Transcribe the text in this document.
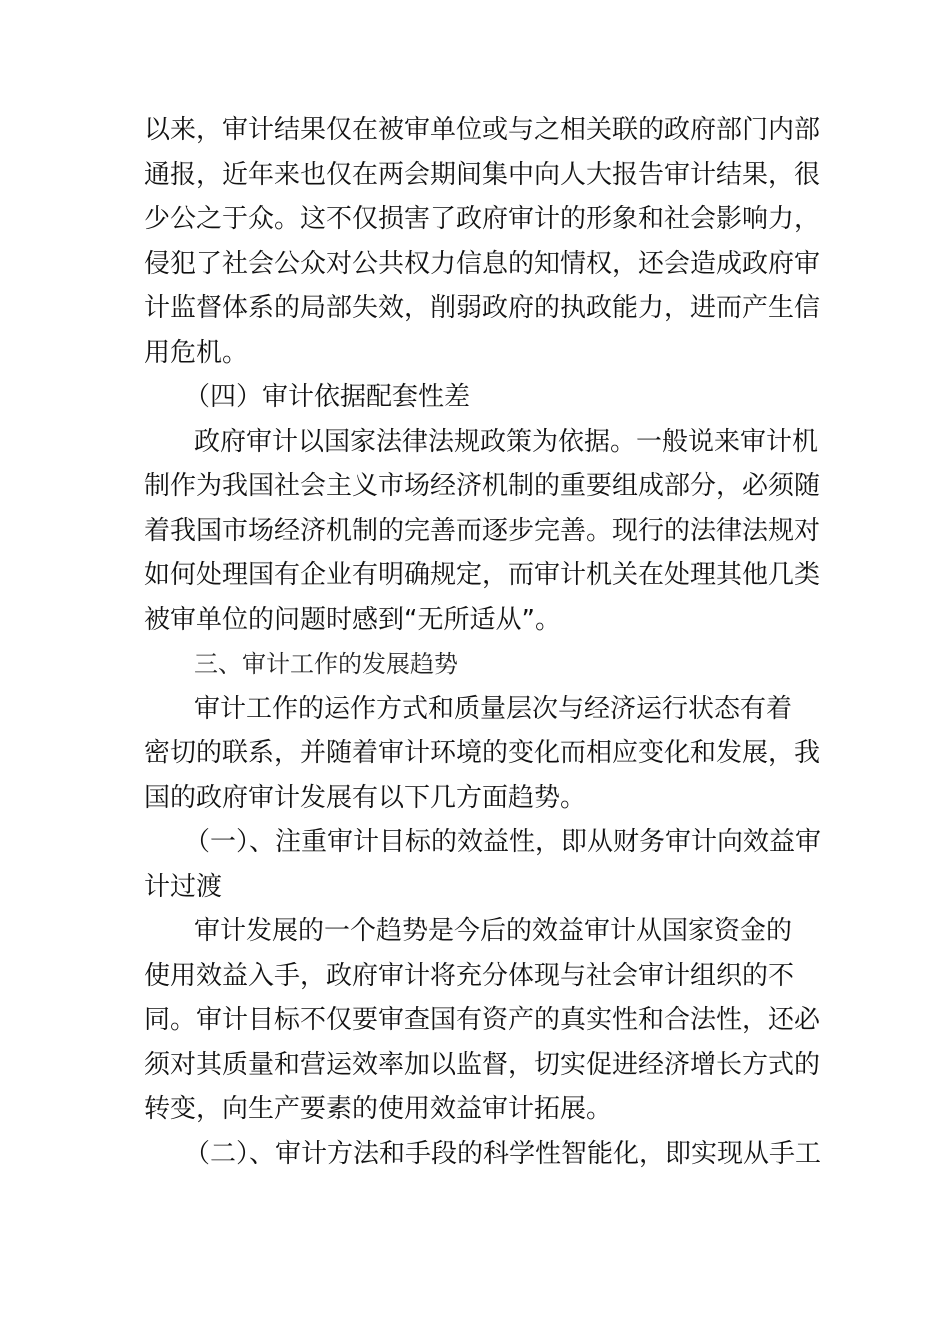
以来，审计结果仅在被审单位或与之相关联的政府部门内部
通报，近年来也仅在两会期间集中向人大报告审计结果，很
少公之于众。这不仅损害了政府审计的形象和社会影响力，
侵犯了社会公众对公共权力信息的知情权，还会造成政府审
计监督体系的局部失效，削弱政府的执政能力，进而产生信
用危机。
（四）审计依据配套性差
政府审计以国家法律法规政策为依据。一般说来审计机
制作为我国社会主义市场经济机制的重要组成部分，必须随
着我国市场经济机制的完善而逐步完善。现行的法律法规对
如何处理国有企业有明确规定，而审计机关在处理其他几类
被审单位的问题时感到“无所适从”。
三、审计工作的发展趋势
审计工作的运作方式和质量层次与经济运行状态有着
密切的联系，并随着审计环境的变化而相应变化和发展，我
国的政府审计发展有以下几方面趋势。
（一）、注重审计目标的效益性，即从财务审计向效益审
计过渡
审计发展的一个趋势是今后的效益审计从国家资金的
使用效益入手，政府审计将充分体现与社会审计组织的不
同。审计目标不仅要审查国有资产的真实性和合法性，还必
须对其质量和营运效率加以监督，切实促进经济增长方式的
转变，向生产要素的使用效益审计拓展。
（二）、审计方法和手段的科学性智能化，即实现从手工
